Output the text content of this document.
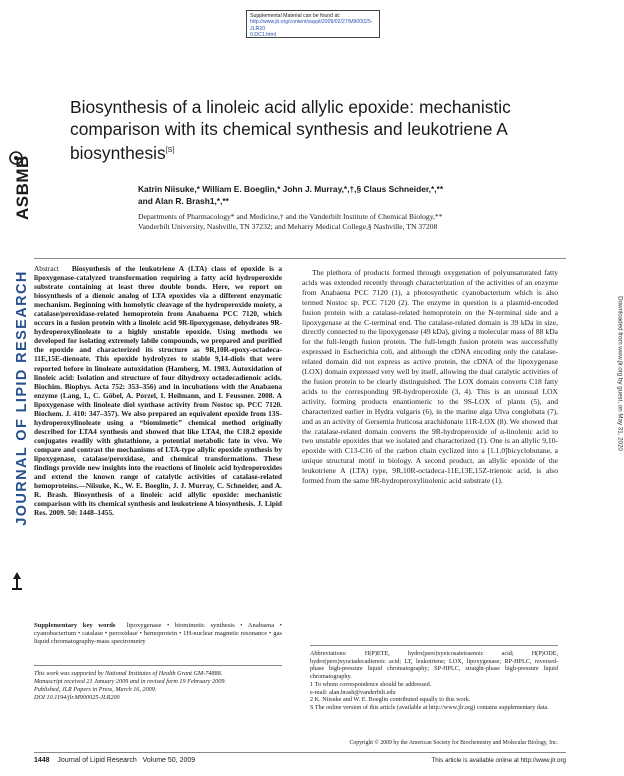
Supplemental Material can be found at:
http://www.jlr.org/content/suppl/2009/02/27/M900025-JLR20
0.DC1.html
ASBMB
JOURNAL OF LIPID RESEARCH	Downloaded from www.jlr.org by guest, on May 31, 2020
Biosynthesis of a linoleic acid allylic epoxide: mechanistic comparison with its chemical synthesis and leukotriene A biosynthesis[S]
Katrin Niisuke,* William E. Boeglin,* John J. Murray,*,†,§ Claus Schneider,*,**
and Alan R. Brash1,*,**
Departments of Pharmacology* and Medicine,† and the Vanderbilt Institute of Chemical Biology,**
Vanderbilt University, Nashville, TN 37232; and Meharry Medical College,§ Nashville, TN 37208
Abstract Biosynthesis of the leukotriene A (LTA) class of epoxide is a lipoxygenase-catalyzed transformation requiring a fatty acid hydroperoxide substrate containing at least three double bonds. Here, we report on biosynthesis of a dienoic analog of LTA epoxides via a different enzymatic mechanism. Beginning with homolytic cleavage of the hydroperoxide moiety, a catalase/peroxidase-related hemoprotein from Anabaena PCC 7120, which occurs in a fusion protein with a linoleic acid 9R-lipoxygenase, dehydrates 9R-hydroperoxylinoleate to a highly unstable epoxide. Using methods we developed for isolating extremely labile compounds, we prepared and purified the epoxide and characterized its structure as 9R,10R-epoxy-octadeca-11E,15E-dienoate. This epoxide hydrolyzes to stable 9,14-diols that were reported before in linoleate autoxidation (Hamberg, M. 1983. Autoxidation of linoleic acid: Isolation and structure of four dihydroxy octadecadienoic acids. Biochim. Biophys. Acta 752: 353–356) and in incubations with the Anabaena enzyme (Lang, I., C. Göbel, A. Porzel, I. Heilmann, and I. Feussner. 2008. A lipoxygenase with linoleate diol synthase activity from Nostoc sp. PCC 7120. Biochem. J. 410: 347–357). We also prepared an equivalent epoxide from 13S-hydroperoxylinoleate using a “biomimetic” chemical method originally described for LTA4 synthesis and showed that like LTA4, the C18.2 epoxide conjugates readily with glutathione, a potential metabolic fate in vivo. We compare and contrast the mechanisms of LTA-type allylic epoxide synthesis by lipoxygenase, catalase/peroxidase, and chemical transformations. These findings provide new insights into the reactions of linoleic acid hydroperoxides and extend the known range of catalytic activities of catalase-related hemoproteins.—Niisuke, K., W. E. Boeglin, J. J. Murray, C. Schneider, and A. R. Brash. Biosynthesis of a linoleic acid allylic epoxide: mechanistic comparison with its chemical synthesis and leukotriene A biosynthesis. J. Lipid Res. 2009. 50: 1448–1455.
Supplementary key words lipoxygenase • biomimetic synthesis • Anabaena • cyanobacterium • catalase • peroxidase • hemoprotein • 1H-nuclear magnetic resonance • gas liquid chromatography-mass spectrometry
This work was supported by National Institutes of Health Grant GM-74888.
Manuscript received 21 January 2009 and in revised form 19 February 2009.
Published, JLR Papers in Press, March 16, 2009.
DOI 10.1194/jlr.M900025-JLR200
The plethora of products formed through oxygenation of polyunsaturated fatty acids was extended recently through characterization of the activities of an enzyme from Anabaena PCC 7120 (1), a photosynthetic cyanobacterium which is also termed Nostoc sp. PCC 7120 (2). The enzyme in question is a plasmid-encoded fusion protein with a catalase-related hemoprotein on the N-terminal side and a lipoxygenase at the C-terminal end. The catalase-related domain is 39 kDa in size, directly connected to the lipoxygenase (49 kDa), giving a molecular mass of 88 kDa for the full-length fusion protein. The full-length fusion protein was successfully expressed in Escherichia coli, and although the cDNA encoding only the catalase-related domain did not express as active protein, the cDNA of the lipoxygenase (LOX) domain expressed very well by itself, allowing the dual catalytic activities of the fusion protein to be clearly distinguished. The LOX domain converts C18 fatty acids to the corresponding 9R-hydroperoxide (3, 4). This is an unusual LOX activity, forming products enantiomeric to the 9S-LOX of plants (5), and characterized earlier in Hydra vulgaris (6), in the marine alga Ulva conglobata (7), and as an activity of Gersemia fruticosa arachidonate 11R-LOX (8). We showed that the catalase-related domain converts the 9R-hydroperoxide of α-linolenic acid to two unstable epoxides that we isolated and characterized (1). One is an allylic 9,10-epoxide with C13-C16 of the carbon chain cyclized into a [1.1.0]bicyclobutane, a unique structural motif in biology. A second product, an allylic epoxide of the leukotriene A (LTA) type, 9R,10R-octadeca-11E,13E,15Z-trienoic acid, is also formed from the same 9R-hydroperoxylinolenic acid substrate (1).
Abbreviations: H(P)ETE, hydro(pero)xyeicosatetraenoic acid; H(P)ODE, hydro(pero)xyoctadecadienoic acid; LT, leukotriene; LOX, lipoxygenase; RP-HPLC, reversed-phase high-pressure liquid chromatography; SP-HPLC, straight-phase high-pressure liquid chromatography.
1 To whom correspondence should be addressed.
e-mail: alan.brash@vanderbilt.edu
2 K. Niisuke and W. E. Boeglin contributed equally to this work.
S The online version of this article (available at http://www.jlr.org) contains supplementary data.
Copyright © 2009 by the American Society for Biochemistry and Molecular Biology, Inc.
1448 Journal of Lipid Research Volume 50, 2009	This article is available online at http://www.jlr.org
